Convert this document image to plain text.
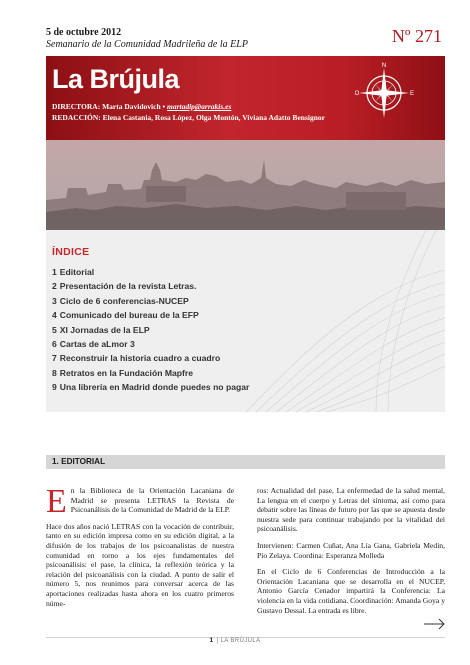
5 de octubre 2012
Semanario de la Comunidad Madrileña de la ELP	Nº 271
La Brújula
DIRECTORA: Marta Davidovich • martadip@arrakis.es
REDACCIÓN: Elena Castania, Rosa López, Olga Montón, Viviana Adatto Bensignor
N
E
O
ÍNDICE
1 Editorial
2 Presentación de la revista Letras.
3 Ciclo de 6 conferencias-NUCEP
4 Comunicado del bureau de la EFP
5 XI Jornadas de la ELP
6 Cartas de aLmor 3
7 Reconstruir la historia cuadro a cuadro
8 Retratos en la Fundación Mapfre
9 Una librería en Madrid donde puedes no pagar
1. EDITORIAL

En la Biblioteca de la Orientación Lacaniana de Madrid se presenta LETRAS la Revista de Psicoanálisis de la Comunidad de Madrid de la ELP.

Hace dos años nació LETRAS con la vocación de contribuir, tanto en su edición impresa como en su edición digital, a la difusión de los trabajos de los psicoanalistas de nuestra comunidad en torno a los ejes fundamentales del psicoanálisis: el pase, la clínica, la reflexión teórica y la relación del psicoanálisis con la ciudad. A punto de salir el número 5, nos reunimos para conversar acerca de las aportaciones realizadas hasta ahora en los cuatro primeros núme-

ros: Actualidad del pase, La enfermedad de la salud mental, La lengua en el cuerpo y Letras del síntoma, así como para debatir sobre las líneas de futuro por las que se apuesta desde nuestra sede para continuar trabajando por la vitalidad del psicoanálisis.

Intervienen: Carmen Cuñat, Ana Lía Gana, Gabriela Medin, Pío Zelaya. Coordina: Esperanza Molleda

En el Ciclo de 6 Conferencias de Introducción a la Orientación Lacaniana que se desarrolla en el NUCEP, Antonio García Cenador impartirá la Conferencia: La violencia en la vida cotidiana. Coordinación: Amanda Goya y Gustavo Dessal. La entrada es libre.

1 | LA BRÚJULA
